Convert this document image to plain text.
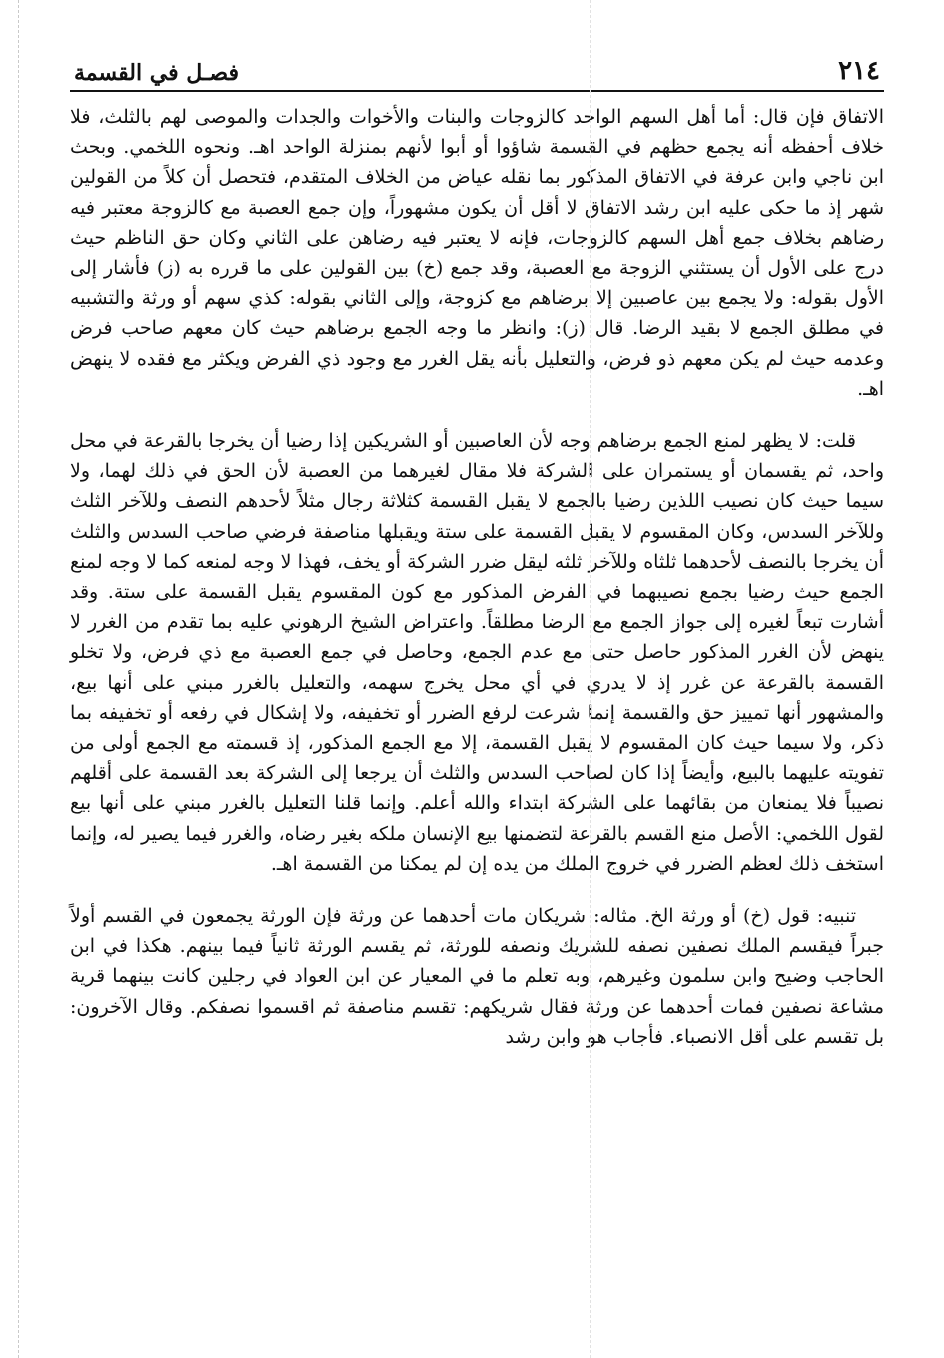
٢١٤
فصـل في القسمة

الاتفاق فإن قال: أما أهل السهم الواحد كالزوجات والبنات والأخوات والجدات والموصى لهم بالثلث، فلا خلاف أحفظه أنه يجمع حظهم في القسمة شاؤوا أو أبوا لأنهم بمنزلة الواحد اهـ. ونحوه اللخمي. وبحث ابن ناجي وابن عرفة في الاتفاق المذكور بما نقله عياض من الخلاف المتقدم، فتحصل أن كلاً من القولين شهر إذ ما حكى عليه ابن رشد الاتفاق لا أقل أن يكون مشهوراً، وإن جمع العصبة مع كالزوجة معتبر فيه رضاهم بخلاف جمع أهل السهم كالزوجات، فإنه لا يعتبر فيه رضاهن على الثاني وكان حق الناظم حيث درج على الأول أن يستثني الزوجة مع العصبة، وقد جمع (خ) بين القولين على ما قرره به (ز) فأشار إلى الأول بقوله: ولا يجمع بين عاصبين إلا برضاهم مع كزوجة، وإلى الثاني بقوله: كذي سهم أو ورثة والتشبيه في مطلق الجمع لا بقيد الرضا. قال (ز): وانظر ما وجه الجمع برضاهم حيث كان معهم صاحب فرض وعدمه حيث لم يكن معهم ذو فرض، والتعليل بأنه يقل الغرر مع وجود ذي الفرض ويكثر مع فقده لا ينهض اهـ.

قلت: لا يظهر لمنع الجمع برضاهم وجه لأن العاصبين أو الشريكين إذا رضيا أن يخرجا بالقرعة في محل واحد، ثم يقسمان أو يستمران على الشركة فلا مقال لغيرهما من العصبة لأن الحق في ذلك لهما، ولا سيما حيث كان نصيب اللذين رضيا بالجمع لا يقبل القسمة كثلاثة رجال مثلاً لأحدهم النصف وللآخر الثلث وللآخر السدس، وكان المقسوم لا يقبل القسمة على ستة ويقبلها مناصفة فرضي صاحب السدس والثلث أن يخرجا بالنصف لأحدهما ثلثاه وللآخر ثلثه ليقل ضرر الشركة أو يخف، فهذا لا وجه لمنعه كما لا وجه لمنع الجمع حيث رضيا بجمع نصيبهما في الفرض المذكور مع كون المقسوم يقبل القسمة على ستة. وقد أشارت تبعاً لغيره إلى جواز الجمع مع الرضا مطلقاً. واعتراض الشيخ الرهوني عليه بما تقدم من الغرر لا ينهض لأن الغرر المذكور حاصل حتى مع عدم الجمع، وحاصل في جمع العصبة مع ذي فرض، ولا تخلو القسمة بالقرعة عن غرر إذ لا يدري في أي محل يخرج سهمه، والتعليل بالغرر مبني على أنها بيع، والمشهور أنها تمييز حق والقسمة إنما شرعت لرفع الضرر أو تخفيفه، ولا إشكال في رفعه أو تخفيفه بما ذكر، ولا سيما حيث كان المقسوم لا يقبل القسمة، إلا مع الجمع المذكور، إذ قسمته مع الجمع أولى من تفويته عليهما بالبيع، وأيضاً إذا كان لصاحب السدس والثلث أن يرجعا إلى الشركة بعد القسمة على أقلهم نصيباً فلا يمنعان من بقائهما على الشركة ابتداء والله أعلم. وإنما قلنا التعليل بالغرر مبني على أنها بيع لقول اللخمي: الأصل منع القسم بالقرعة لتضمنها بيع الإنسان ملكه بغير رضاه، والغرر فيما يصير له، وإنما استخف ذلك لعظم الضرر في خروج الملك من يده إن لم يمكنا من القسمة اهـ.

تنبيه: قول (خ) أو ورثة الخ. مثاله: شريكان مات أحدهما عن ورثة فإن الورثة يجمعون في القسم أولاً جبراً فيقسم الملك نصفين نصفه للشريك ونصفه للورثة، ثم يقسم الورثة ثانياً فيما بينهم. هكذا في ابن الحاجب وضيح وابن سلمون وغيرهم، وبه تعلم ما في المعيار عن ابن العواد في رجلين كانت بينهما قرية مشاعة نصفين فمات أحدهما عن ورثة فقال شريكهم: تقسم مناصفة ثم اقسموا نصفكم. وقال الآخرون: بل تقسم على أقل الانصباء. فأجاب هو وابن رشد
